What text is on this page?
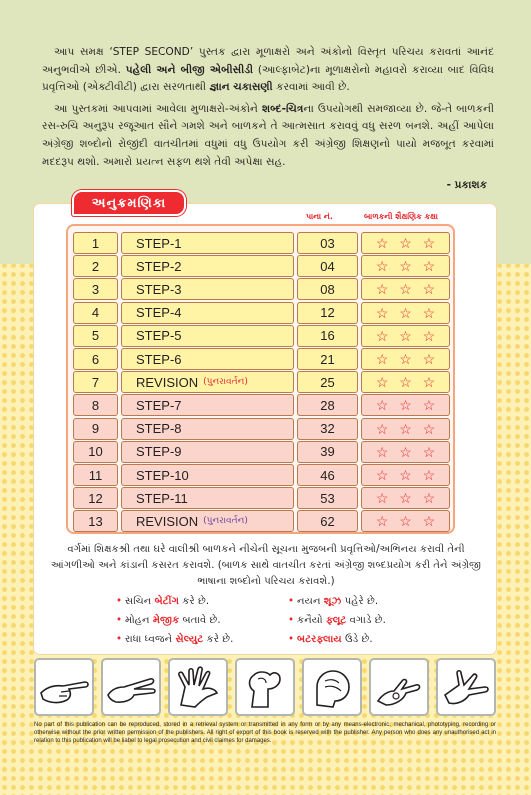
આપ સમક્ષ ‘STEP SECOND’ પુસ્તક દ્વારા મૂળાક્ષરો અને અંકોનો વિસ્તૃત પરિચય કરાવતાં આનંદ અનુભવીએ છીએ. પહેલી અને બીજી એબીસીડી (આલ્ફાબેટ)ના મૂળાક્ષરોનો મહાવરો કરાવ્યા બાદ વિવિધ પ્રવૃત્તિઓ (એક્ટીવીટી) દ્વારા સરળતાથી જ્ઞાન ચકાસણી કરવામાં આવી છે.

આ પુસ્તકમાં આપવામાં આવેલા મુળાક્ષરો-અંકોને શબ્દ-ચિત્રના ઉપયોગથી સમજાવ્યા છે. જે-તે બાળકની રસ-રુચિ અનુરૂપ રજૂઆત સૌને ગમશે અને બાળકને તે આત્મસાત કરાવવું વધુ સરળ બનશે. અહીં આપેલા અંગ્રેજી શબ્દોનો રોજીંદી વાતચીતમાં વધુમાં વધુ ઉપયોગ કરી અંગ્રેજી શિક્ષણનો પાયો મજબૂત કરવામાં મદદરૂપ થશો. અમારો પ્રયત્ન સફળ થશે તેવી અપેક્ષા સહ.

- પ્રકાશક
અનુક્રમણિકા
પાના નં.	બાળકની શૈક્ષણિક કક્ષા
1	STEP-1	03	☆ ☆ ☆
2	STEP-2	04	☆ ☆ ☆
3	STEP-3	08	☆ ☆ ☆
4	STEP-4	12	☆ ☆ ☆
5	STEP-5	16	☆ ☆ ☆
6	STEP-6	21	☆ ☆ ☆
7	REVISION (પુનરાવર્તન)	25	☆ ☆ ☆
8	STEP-7	28	☆ ☆ ☆
9	STEP-8	32	☆ ☆ ☆
10	STEP-9	39	☆ ☆ ☆
11	STEP-10	46	☆ ☆ ☆
12	STEP-11	53	☆ ☆ ☆
13	REVISION (પુનરાવર્તન)	62	☆ ☆ ☆
વર્ગમાં શિક્ષકશ્રી તથા ઘરે વાલીશ્રી બાળકને નીચેની સૂચના મુજબની પ્રવૃત્તિઓ/અભિનય કરાવી તેની આંગળીઓ અને કાંડાની કસરત કરાવશે. (બાળક સાથે વાતચીત કરતાં અંગ્રેજી શબ્દપ્રયોગ કરી તેને અંગ્રેજી ભાષાના શબ્દોનો પરિચય કરાવશે.)
• સચિન બેટીંગ કરે છે.	• નયન શૂઝ પહેરે છે.
• મોહન મેજીક બતાવે છે.	• કનૈયો ફ્લૂટ વગાડે છે.
• રાધા ધ્વજને સેલ્યુટ કરે છે.	• બટરફ્લાય ઉડે છે.
No part of this publication can be reproduced, stored in a retrieval system or transmitted in any form or by any means-electronic, mechanical, phototyping, recording or otherwise without the prior written permission of the publishers. All right of export of this book is reserved with the publisher. Any person who does any unauthorised act in relation to this publication will be liabel to legal prosecution and civil claimes for damages.
